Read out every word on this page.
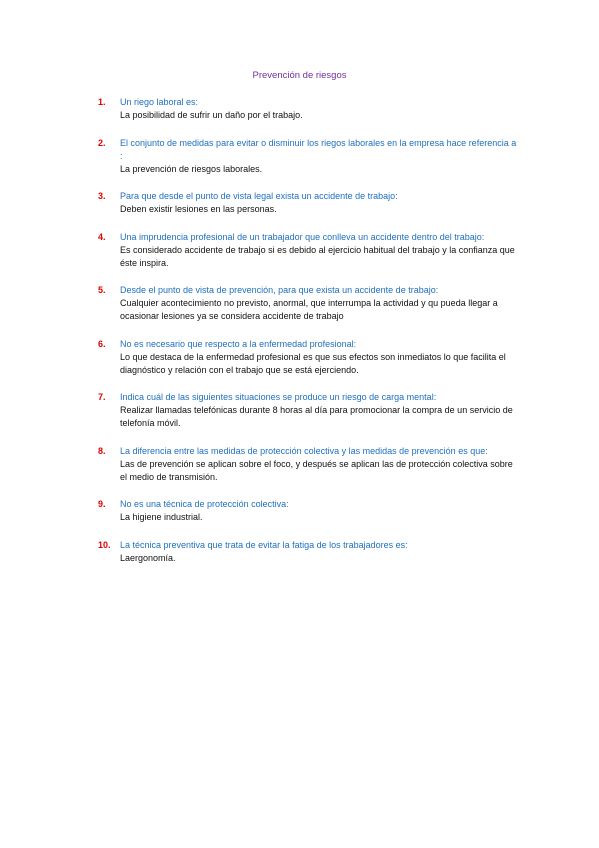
Prevención de riesgos
1.	Un riego laboral es:
La posibilidad de sufrir un daño por el trabajo.
2.	El conjunto de medidas para evitar o disminuir los riegos laborales en la empresa hace referencia a :
La prevención de riesgos laborales.
3.	Para que desde el punto de vista legal exista un accidente de trabajo:
Deben existir lesiones en las personas.
4.	Una imprudencia profesional de un trabajador que conlleva un accidente dentro del trabajo:
Es considerado accidente de trabajo si es debido al ejercicio habitual del trabajo y la confianza que éste inspira.
5.	Desde el punto de vista de prevención, para que exista un accidente de trabajo:
Cualquier acontecimiento no previsto, anormal, que interrumpa la actividad y qu pueda llegar a ocasionar lesiones ya se considera accidente de trabajo
6.	No es necesario que respecto a la enfermedad profesional:
Lo que destaca de la enfermedad profesional es que sus efectos son inmediatos lo que facilita el diagnóstico y relación con el trabajo que se está ejerciendo.
7.	Indica cuál de las siguientes situaciones se produce un riesgo de carga mental:
Realizar llamadas telefónicas durante 8 horas al día para promocionar la compra de un servicio de telefonía móvil.
8.	La diferencia entre las medidas de protección colectiva y las medidas de prevención es que:
Las de prevención se aplican sobre el foco, y después se aplican las de protección colectiva sobre el medio de transmisión.
9.	No es una técnica de protección colectiva:
La higiene industrial.
10.	La técnica preventiva que trata de evitar la fatiga de los trabajadores es:
Laergonomía.
